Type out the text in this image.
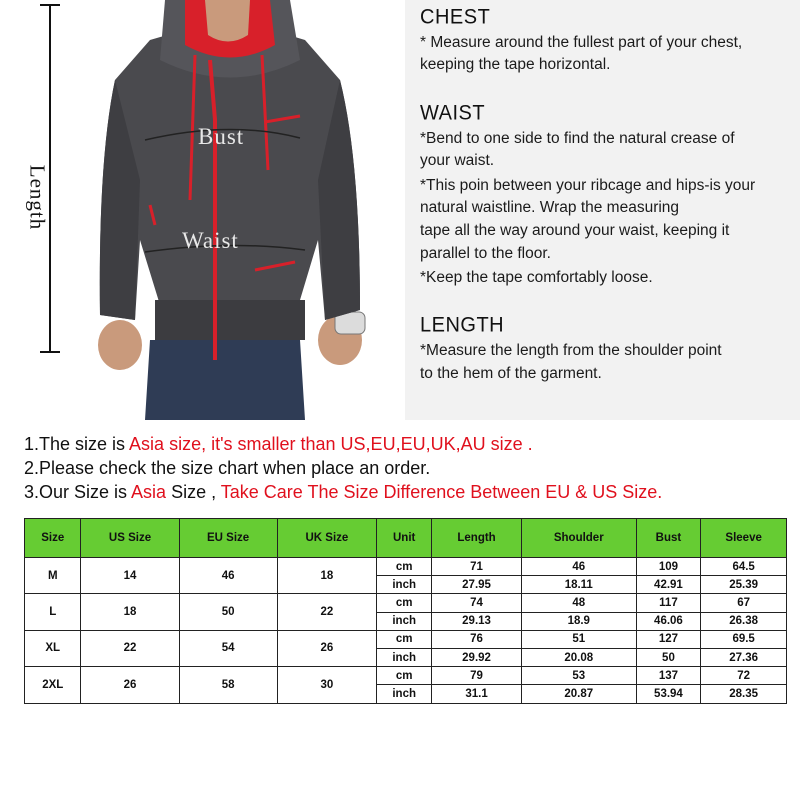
Length
Bust
Waist
CHEST
* Measure around the fullest part of your chest,
keeping the tape horizontal.
WAIST
*Bend to one side to find the natural crease of
your waist.
*This poin between your ribcage and hips-is your
natural waistline. Wrap the measuring
tape all the way around your waist, keeping it
parallel to the floor.
*Keep the tape comfortably loose.
LENGTH
*Measure the length from the shoulder point
to the hem of the garment.
1.The size is Asia size, it's smaller than US,EU,EU,UK,AU size .
2.Please check the size chart when place an order.
3.Our Size is Asia Size , Take Care The Size Difference Between EU & US Size.
Size	US Size	EU Size	UK Size	Unit	Length	Shoulder	Bust	Sleeve
M	14	46	18	cm	71	46	109	64.5
				inch	27.95	18.11	42.91	25.39
L	18	50	22	cm	74	48	117	67
				inch	29.13	18.9	46.06	26.38
XL	22	54	26	cm	76	51	127	69.5
				inch	29.92	20.08	50	27.36
2XL	26	58	30	cm	79	53	137	72
				inch	31.1	20.87	53.94	28.35
